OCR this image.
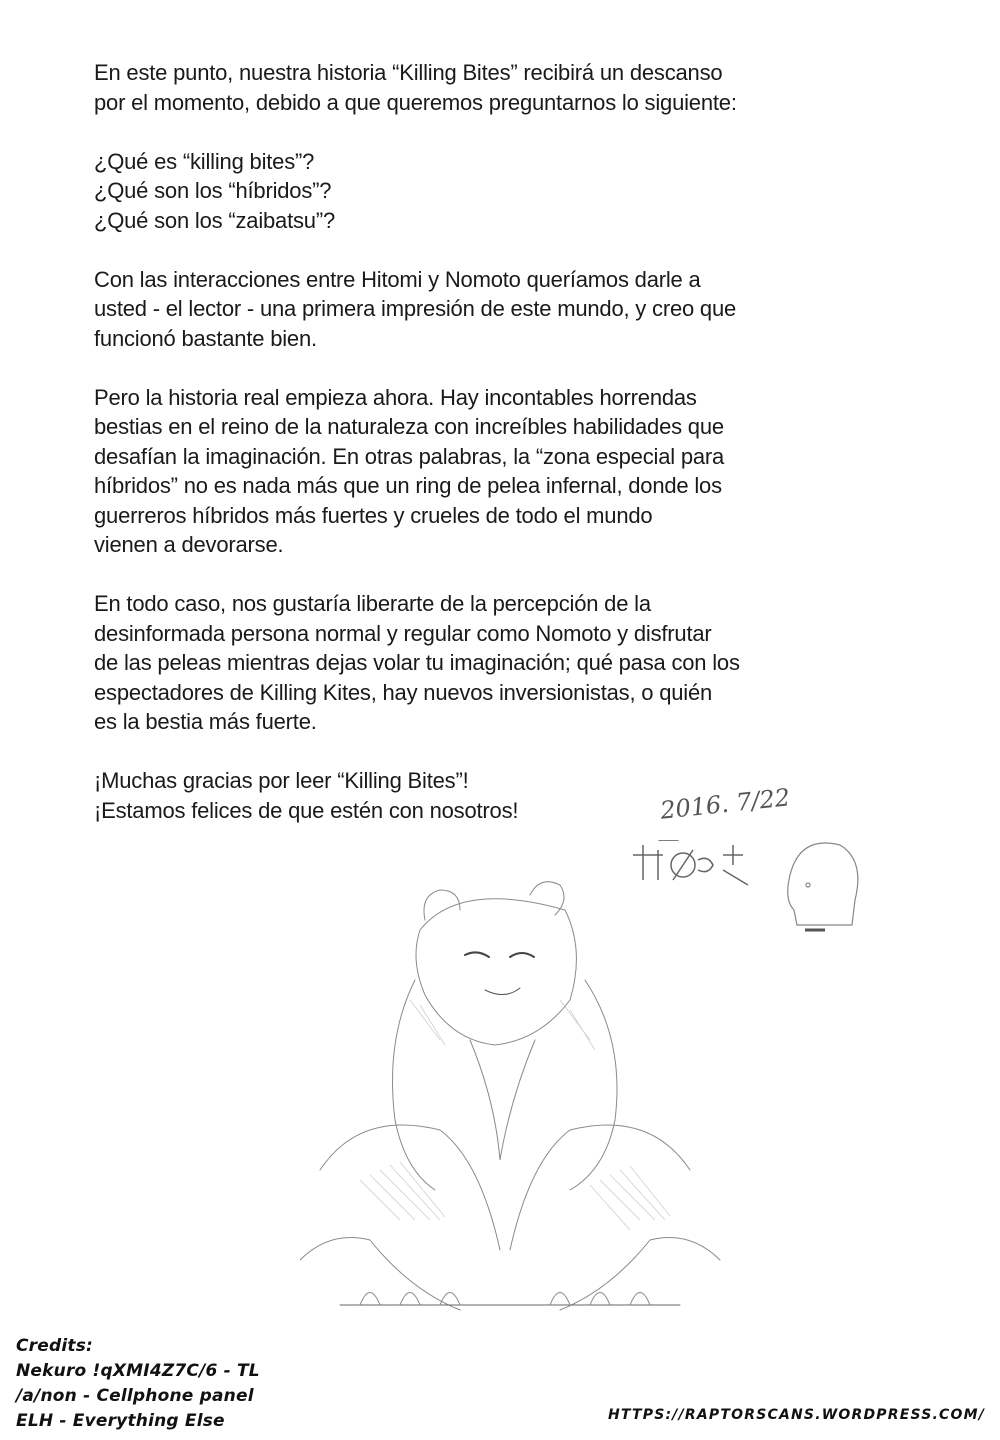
En este punto, nuestra historia “Killing Bites” recibirá un descanso
por el momento, debido a que queremos preguntarnos lo siguiente:

¿Qué es “killing bites”?
¿Qué son los “híbridos”?
¿Qué son los “zaibatsu”?

Con las interacciones entre Hitomi y Nomoto queríamos darle a
usted - el lector - una primera impresión de este mundo, y creo que
funcionó bastante bien.

Pero la historia real empieza ahora. Hay incontables horrendas
bestias en el reino de la naturaleza con increíbles habilidades que
desafían la imaginación. En otras palabras, la “zona especial para
híbridos” no es nada más que un ring de pelea infernal, donde los
guerreros híbridos más fuertes y crueles de todo el mundo
vienen a devorarse.

En todo caso, nos gustaría liberarte de la percepción de la
desinformada persona normal y regular como Nomoto y disfrutar
de las peleas mientras dejas volar tu imaginación; qué pasa con los
espectadores de Killing Kites, hay nuevos inversionistas, o quién
es la bestia más fuerte.

¡Muchas gracias por leer “Killing Bites”!
¡Estamos felices de que estén con nosotros!	2016. 7/22
Credits:
Nekuro !qXMI4Z7C/6 - TL
/a/non - Cellphone panel
ELH - Everything Else	HTTPS://RAPTORSCANS.WORDPRESS.COM/
